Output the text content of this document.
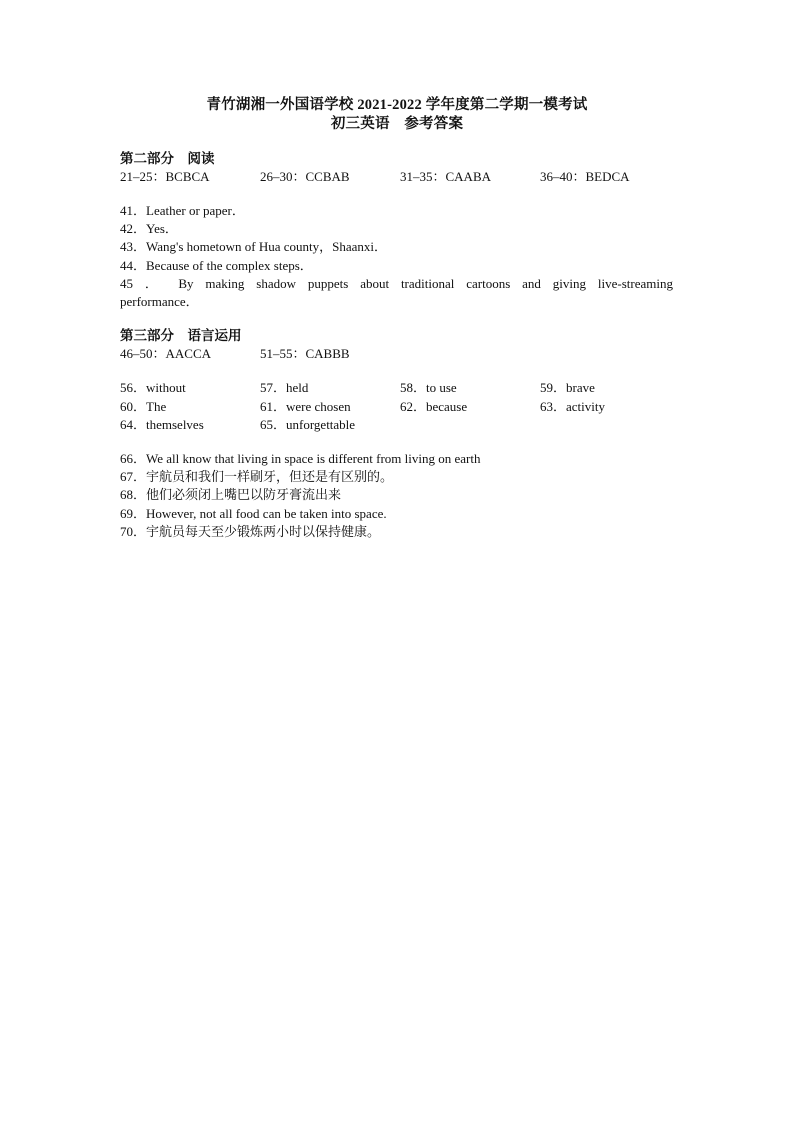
青竹湖湘一外国语学校 2021-2022 学年度第二学期一模考试
初三英语　参考答案
第二部分　阅读
21–25：BCBCA	26–30：CCBAB	31–35：CAABA	36–40：BEDCA
41．Leather or paper．
42．Yes．
43．Wang's hometown of Hua county，Shaanxi．
44．Because of the complex steps．
45 ． By making shadow puppets about traditional cartoons and giving live-streaming
performance．
第三部分　语言运用
46–50：AACCA	51–55：CABBB
56．without	57．held	58．to use	59．brave
60．The	61．were chosen	62．because	63．activity
64．themselves	65．unforgettable
66．We all know that living in space is different from living on earth
67．宇航员和我们一样刷牙，但还是有区别的。
68．他们必须闭上嘴巴以防牙膏流出来
69．However, not all food can be taken into space.
70．宇航员每天至少锻炼两小时以保持健康。
